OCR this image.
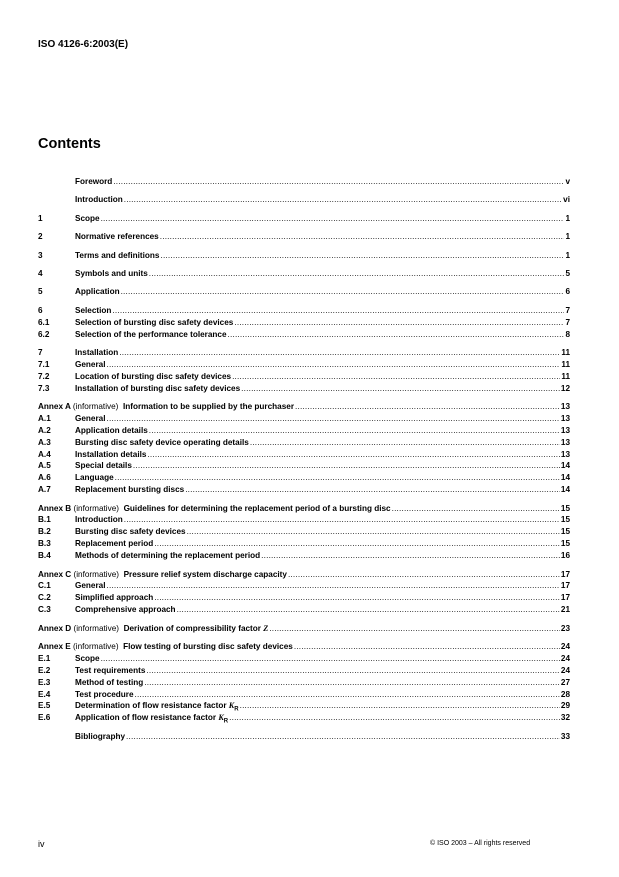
ISO 4126-6:2003(E)
Contents
Foreword .....	v
Introduction .....	vi
1	Scope .....	1
2	Normative references .....	1
3	Terms and definitions .....	1
4	Symbols and units .....	5
5	Application .....	6
6	Selection .....	7
6.1	Selection of bursting disc safety devices .....	7
6.2	Selection of the performance tolerance .....	8
7	Installation .....	11
7.1	General .....	11
7.2	Location of bursting disc safety devices .....	11
7.3	Installation of bursting disc safety devices .....	12
Annex A (informative) Information to be supplied by the purchaser .....	13
A.1	General .....	13
A.2	Application details .....	13
A.3	Bursting disc safety device operating details .....	13
A.4	Installation details .....	13
A.5	Special details .....	14
A.6	Language .....	14
A.7	Replacement bursting discs .....	14
Annex B (informative) Guidelines for determining the replacement period of a bursting disc .....	15
B.1	Introduction .....	15
B.2	Bursting disc safety devices .....	15
B.3	Replacement period .....	15
B.4	Methods of determining the replacement period .....	16
Annex C (informative) Pressure relief system discharge capacity .....	17
C.1	General .....	17
C.2	Simplified approach .....	17
C.3	Comprehensive approach .....	21
Annex D (informative) Derivation of compressibility factor Z .....	23
Annex E (informative) Flow testing of bursting disc safety devices .....	24
E.1	Scope .....	24
E.2	Test requirements .....	24
E.3	Method of testing .....	27
E.4	Test procedure .....	28
E.5	Determination of flow resistance factor $K_R$ .....	29
E.6	Application of flow resistance factor $K_R$ .....	32
Bibliography .....	33
iv	© ISO 2003 – All rights reserved
